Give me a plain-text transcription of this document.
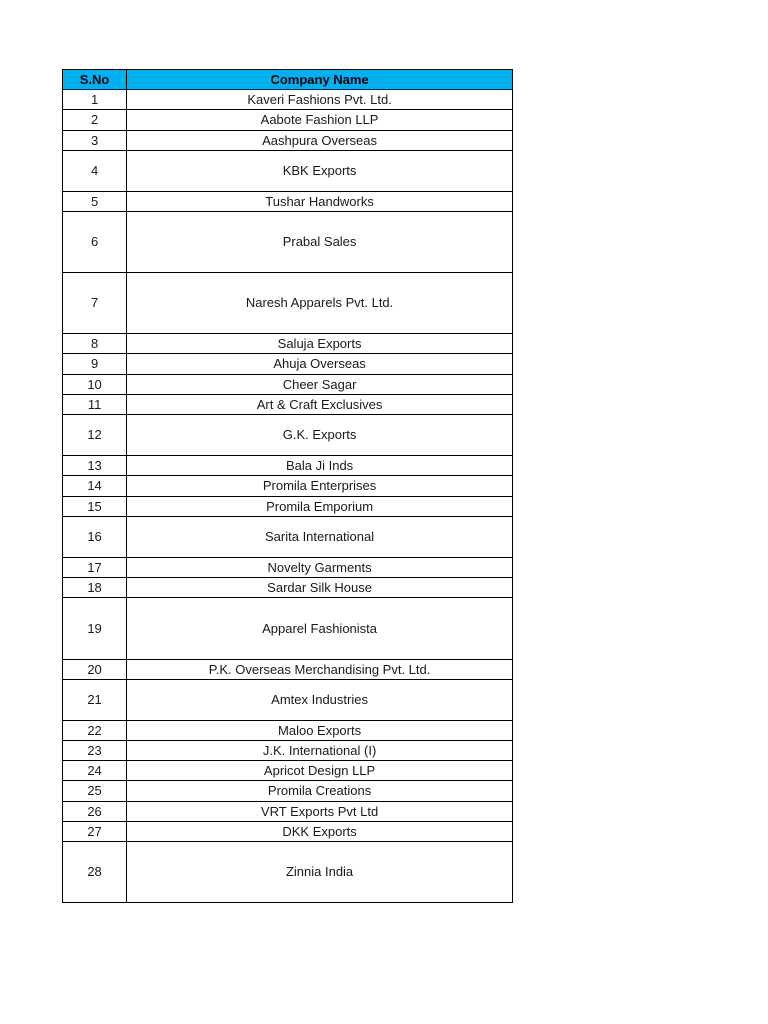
S.No	Company Name
1	Kaveri Fashions Pvt. Ltd.
2	Aabote Fashion LLP
3	Aashpura Overseas
4	KBK Exports
5	Tushar Handworks
6	Prabal Sales
7	Naresh Apparels Pvt. Ltd.
8	Saluja Exports
9	Ahuja Overseas
10	Cheer Sagar
11	Art & Craft Exclusives
12	G.K. Exports
13	Bala Ji Inds
14	Promila Enterprises
15	Promila Emporium
16	Sarita International
17	Novelty Garments
18	Sardar Silk House
19	Apparel Fashionista
20	P.K. Overseas Merchandising Pvt. Ltd.
21	Amtex Industries
22	Maloo Exports
23	J.K. International (I)
24	Apricot Design LLP
25	Promila Creations
26	VRT Exports Pvt Ltd
27	DKK Exports
28	Zinnia India
